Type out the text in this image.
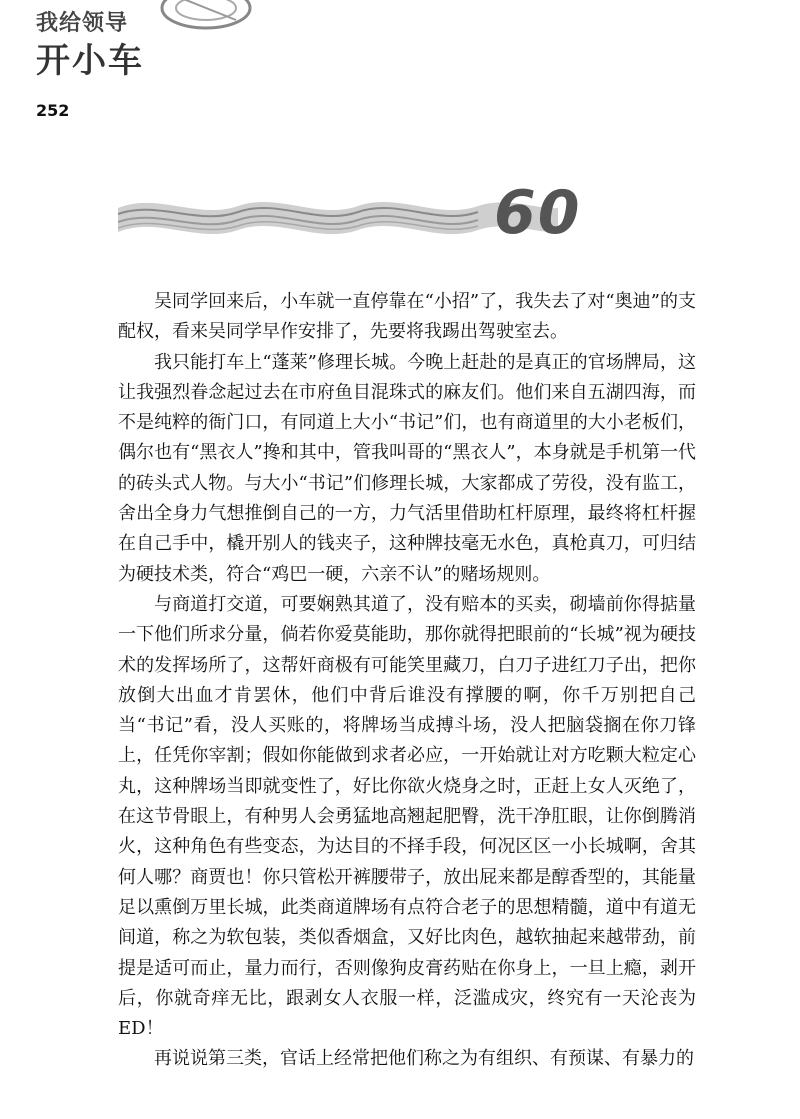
我给领导
开小车
252
60

吴同学回来后，小车就一直停靠在“小招”了，我失去了对“奥迪”的支配权，看来吴同学早作安排了，先要将我踢出驾驶室去。

我只能打车上“蓬莱”修理长城。今晚上赶赴的是真正的官场牌局，这让我强烈眷念起过去在市府鱼目混珠式的麻友们。他们来自五湖四海，而不是纯粹的衙门口，有同道上大小“书记”们，也有商道里的大小老板们，偶尔也有“黑衣人”搀和其中，管我叫哥的“黑衣人”，本身就是手机第一代的砖头式人物。与大小“书记”们修理长城，大家都成了劳役，没有监工，舍出全身力气想推倒自己的一方，力气活里借助杠杆原理，最终将杠杆握在自己手中，橇开别人的钱夹子，这种牌技毫无水色，真枪真刀，可归结为硬技术类，符合“鸡巴一硬，六亲不认”的赌场规则。

与商道打交道，可要娴熟其道了，没有赔本的买卖，砌墙前你得掂量一下他们所求分量，倘若你爱莫能助，那你就得把眼前的“长城”视为硬技术的发挥场所了，这帮奸商极有可能笑里藏刀，白刀子进红刀子出，把你放倒大出血才肯罢休，他们中背后谁没有撑腰的啊，你千万别把自己当“书记”看，没人买账的，将牌场当成搏斗场，没人把脑袋搁在你刀锋上，任凭你宰割；假如你能做到求者必应，一开始就让对方吃颗大粒定心丸，这种牌场当即就变性了，好比你欲火烧身之时，正赶上女人灭绝了，在这节骨眼上，有种男人会勇猛地高翘起肥臀，洗干净肛眼，让你倒腾消火，这种角色有些变态，为达目的不择手段，何况区区一小长城啊，舍其何人哪？商贾也！你只管松开裤腰带子，放出屁来都是醇香型的，其能量足以熏倒万里长城，此类商道牌场有点符合老子的思想精髓，道中有道无间道，称之为软包装，类似香烟盒，又好比肉色，越软抽起来越带劲，前提是适可而止，量力而行，否则像狗皮膏药贴在你身上，一旦上瘾，剥开后，你就奇痒无比，跟剥女人衣服一样，泛滥成灾，终究有一天沦丧为ED！

再说说第三类，官话上经常把他们称之为有组织、有预谋、有暴力的
